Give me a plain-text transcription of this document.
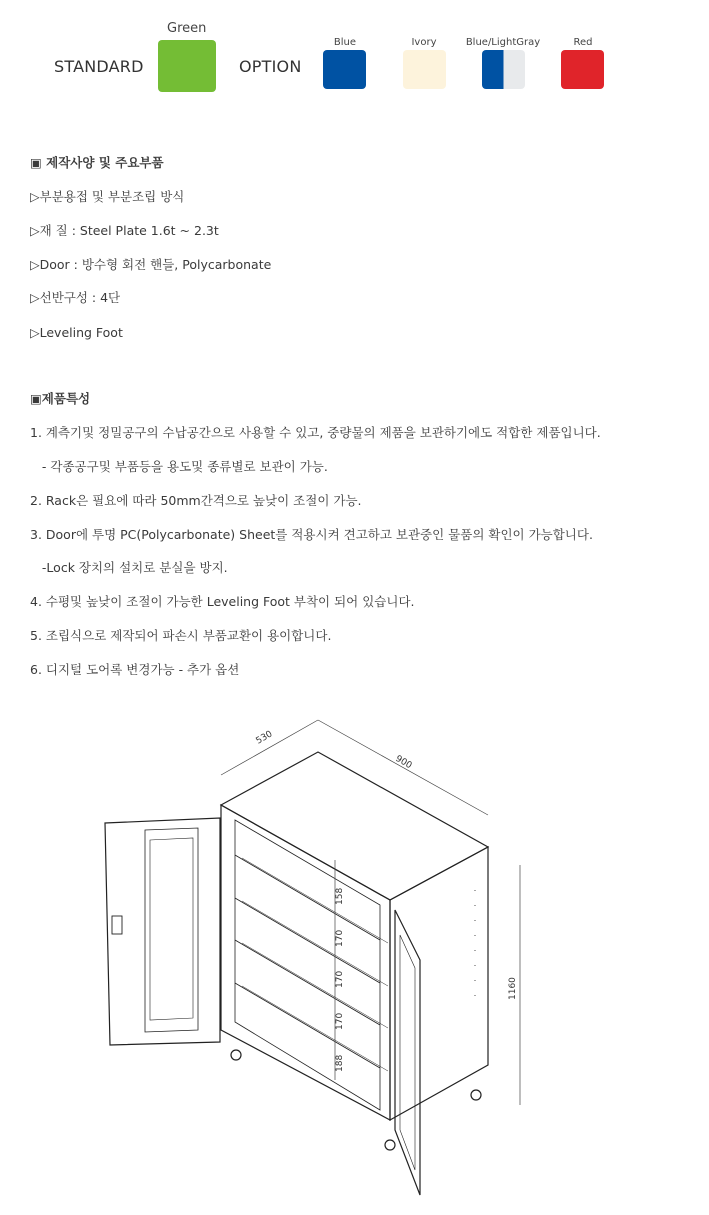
STANDARD
Green
OPTION
Blue	Ivory	Blue/LightGray	Red
▣ 제작사양 및 주요부품
▷부분용접 및 부분조립 방식
▷재 질 : Steel Plate 1.6t ~ 2.3t
▷Door : 방수형 회전 핸들, Polycarbonate
▷선반구성 : 4단
▷Leveling Foot
▣제품특성
1. 계측기및 정밀공구의 수납공간으로 사용할 수 있고, 중량물의 제품을 보관하기에도 적합한 제품입니다.
- 각종공구및 부품등을 용도및 종류별로 보관이 가능.
2. Rack은 필요에 따라 50mm간격으로 높낮이 조절이 가능.
3. Door에 투명 PC(Polycarbonate) Sheet를 적용시켜 견고하고 보관중인 물품의 확인이 가능합니다.
-Lock 장치의 설치로 분실을 방지.
4. 수평및 높낮이 조절이 가능한 Leveling Foot 부착이 되어 있습니다.
5. 조립식으로 제작되어 파손시 부품교환이 용이합니다.
6. 디지털 도어록 변경가능 - 추가 옵션
530
900
1160
158
170
170
170
188
